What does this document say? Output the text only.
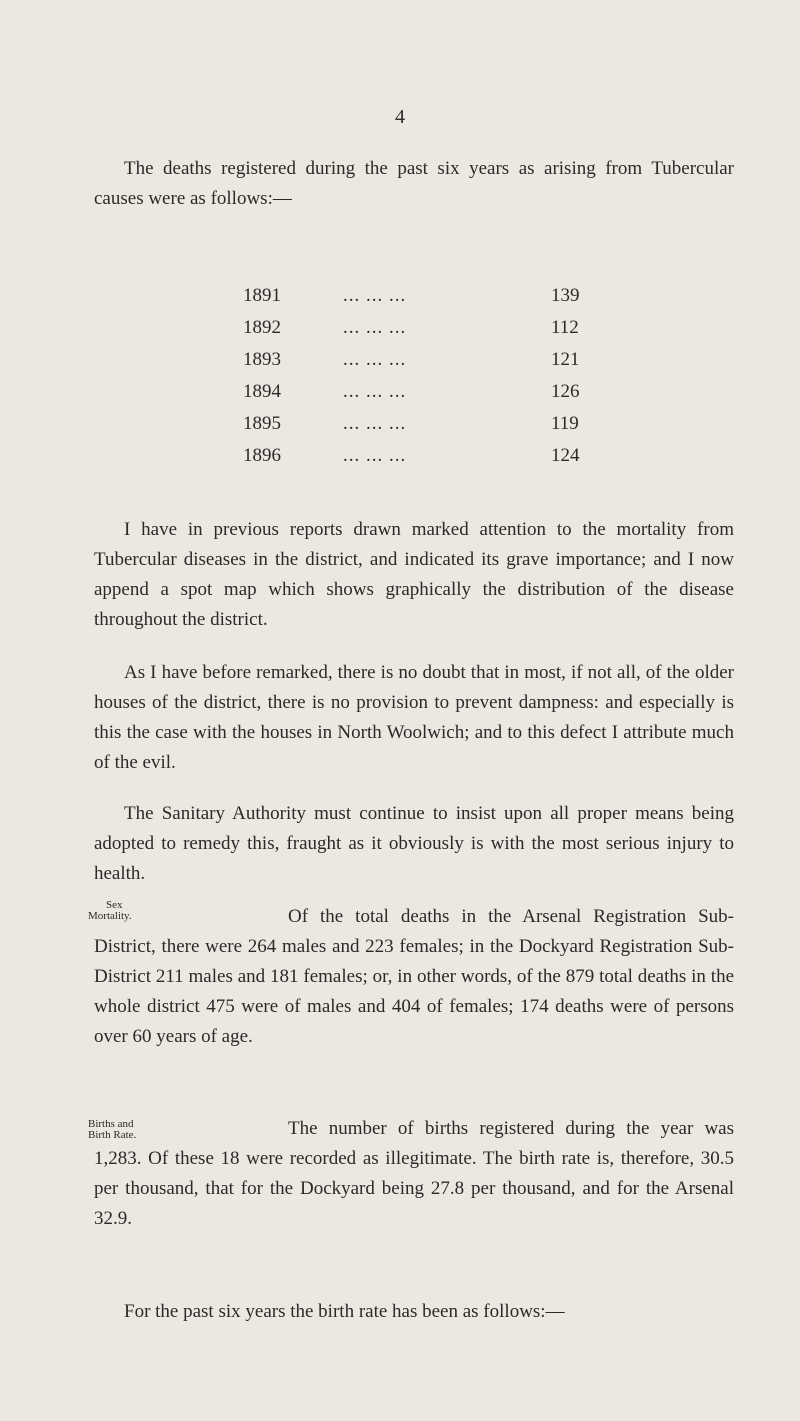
4

The deaths registered during the past six years as arising from Tubercular causes were as follows:—

1891	... ... ...	139
1892	... ... ...	112
1893	... ... ...	121
1894	... ... ...	126
1895	... ... ...	119
1896	... ... ...	124

I have in previous reports drawn marked attention to the mortality from Tubercular diseases in the district, and indicated its grave importance; and I now append a spot map which shows graphically the distribution of the disease throughout the district.

As I have before remarked, there is no doubt that in most, if not all, of the older houses of the district, there is no provision to prevent dampness: and especially is this the case with the houses in North Woolwich; and to this defect I attribute much of the evil.

The Sanitary Authority must continue to insist upon all proper means being adopted to remedy this, fraught as it obviously is with the most serious injury to health.

Sex
Mortality.	Of the total deaths in the Arsenal Registration Sub-District, there were 264 males and 223 females; in the Dockyard Registration Sub-District 211 males and 181 females; or, in other words, of the 879 total deaths in the whole district 475 were of males and 404 of females; 174 deaths were of persons over 60 years of age.

Births and
Birth Rate.	The number of births registered during the year was 1,283. Of these 18 were recorded as illegitimate. The birth rate is, therefore, 30.5 per thousand, that for the Dockyard being 27.8 per thousand, and for the Arsenal 32.9.

For the past six years the birth rate has been as follows:—
